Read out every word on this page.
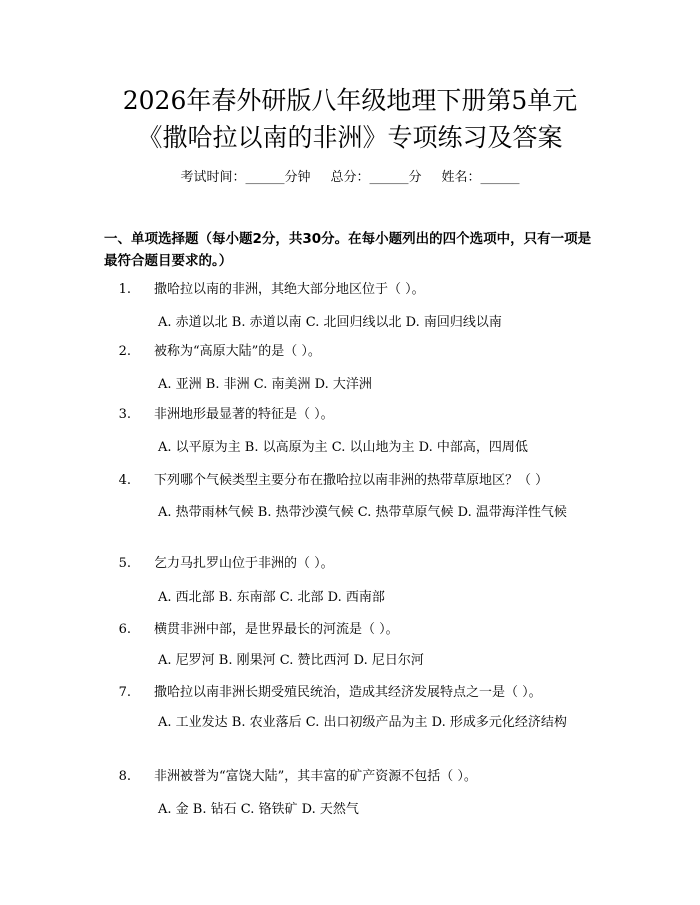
2026年春外研版八年级地理下册第5单元
《撒哈拉以南的非洲》专项练习及答案
考试时间：______分钟 总分：______分 姓名：______
一、单项选择题（每小题2分，共30分。在每小题列出的四个选项中，只有一项是最符合题目要求的。）
1. 撒哈拉以南的非洲，其绝大部分地区位于（ ）。
A. 赤道以北 B. 赤道以南 C. 北回归线以北 D. 南回归线以南
2. 被称为“高原大陆”的是（ ）。
A. 亚洲 B. 非洲 C. 南美洲 D. 大洋洲
3. 非洲地形最显著的特征是（ ）。
A. 以平原为主 B. 以高原为主 C. 以山地为主 D. 中部高，四周低
4. 下列哪个气候类型主要分布在撒哈拉以南非洲的热带草原地区？（ ）
A. 热带雨林气候 B. 热带沙漠气候 C. 热带草原气候 D. 温带海洋性气候
5. 乞力马扎罗山位于非洲的（ ）。
A. 西北部 B. 东南部 C. 北部 D. 西南部
6. 横贯非洲中部，是世界最长的河流是（ ）。
A. 尼罗河 B. 刚果河 C. 赞比西河 D. 尼日尔河
7. 撒哈拉以南非洲长期受殖民统治，造成其经济发展特点之一是（ ）。
A. 工业发达 B. 农业落后 C. 出口初级产品为主 D. 形成多元化经济结构
8. 非洲被誉为“富饶大陆”，其丰富的矿产资源不包括（ ）。
A. 金 B. 钻石 C. 铬铁矿 D. 天然气
